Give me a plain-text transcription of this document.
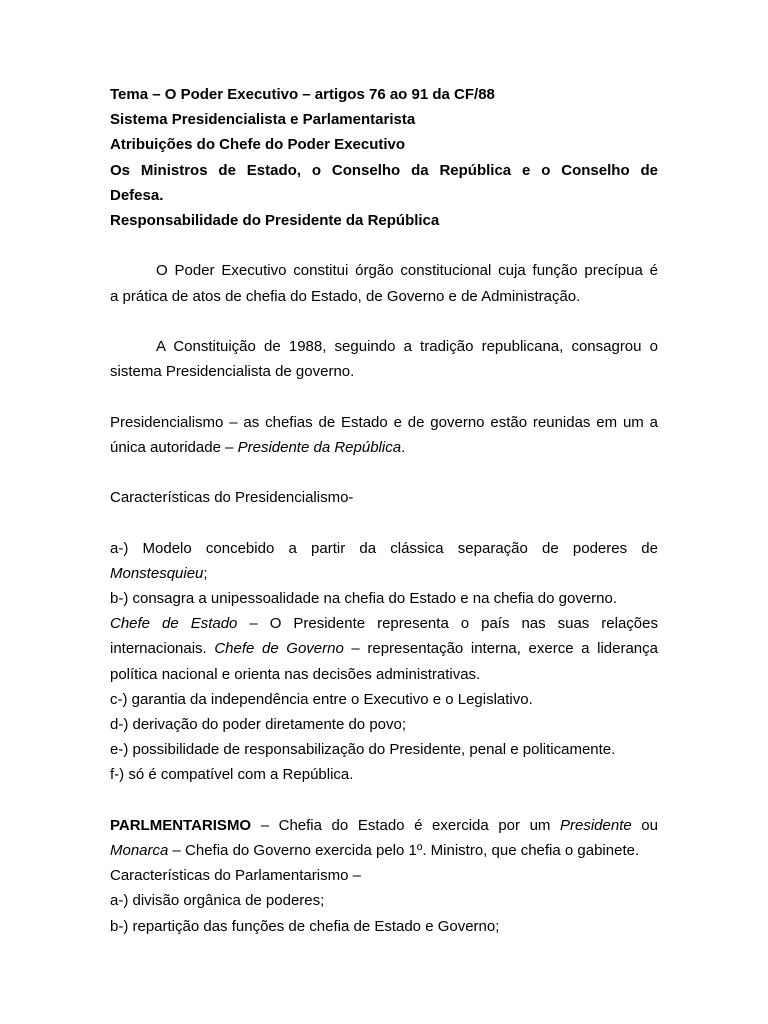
Tema – O Poder Executivo – artigos 76 ao 91 da CF/88
Sistema Presidencialista e Parlamentarista
Atribuições do Chefe do Poder Executivo
Os Ministros de Estado, o Conselho da República e o Conselho de
Defesa.
Responsabilidade do Presidente da República
O Poder Executivo constitui órgão constitucional cuja função precípua é
a prática de atos de chefia do Estado, de Governo e de Administração.
A Constituição de 1988, seguindo a tradição republicana, consagrou o
sistema Presidencialista de governo.
Presidencialismo – as chefias de Estado e de governo estão reunidas em um a
única autoridade – Presidente da República.
Características do Presidencialismo-
a-) Modelo concebido a partir da clássica separação de poderes de
Monstesquieu;
b-) consagra a unipessoalidade na chefia do Estado e na chefia do governo.
Chefe de Estado – O Presidente representa o país nas suas relações
internacionais. Chefe de Governo – representação interna, exerce a liderança
política nacional e orienta nas decisões administrativas.
c-) garantia da independência entre o Executivo e o Legislativo.
d-) derivação do poder diretamente do povo;
e-) possibilidade de responsabilização do Presidente, penal e politicamente.
f-) só é compatível com a República.
PARLMENTARISMO – Chefia do Estado é exercida por um Presidente ou
Monarca – Chefia do Governo exercida pelo 1º. Ministro, que chefia o gabinete.
Características do Parlamentarismo –
a-) divisão orgânica de poderes;
b-) repartição das funções de chefia de Estado e Governo;
